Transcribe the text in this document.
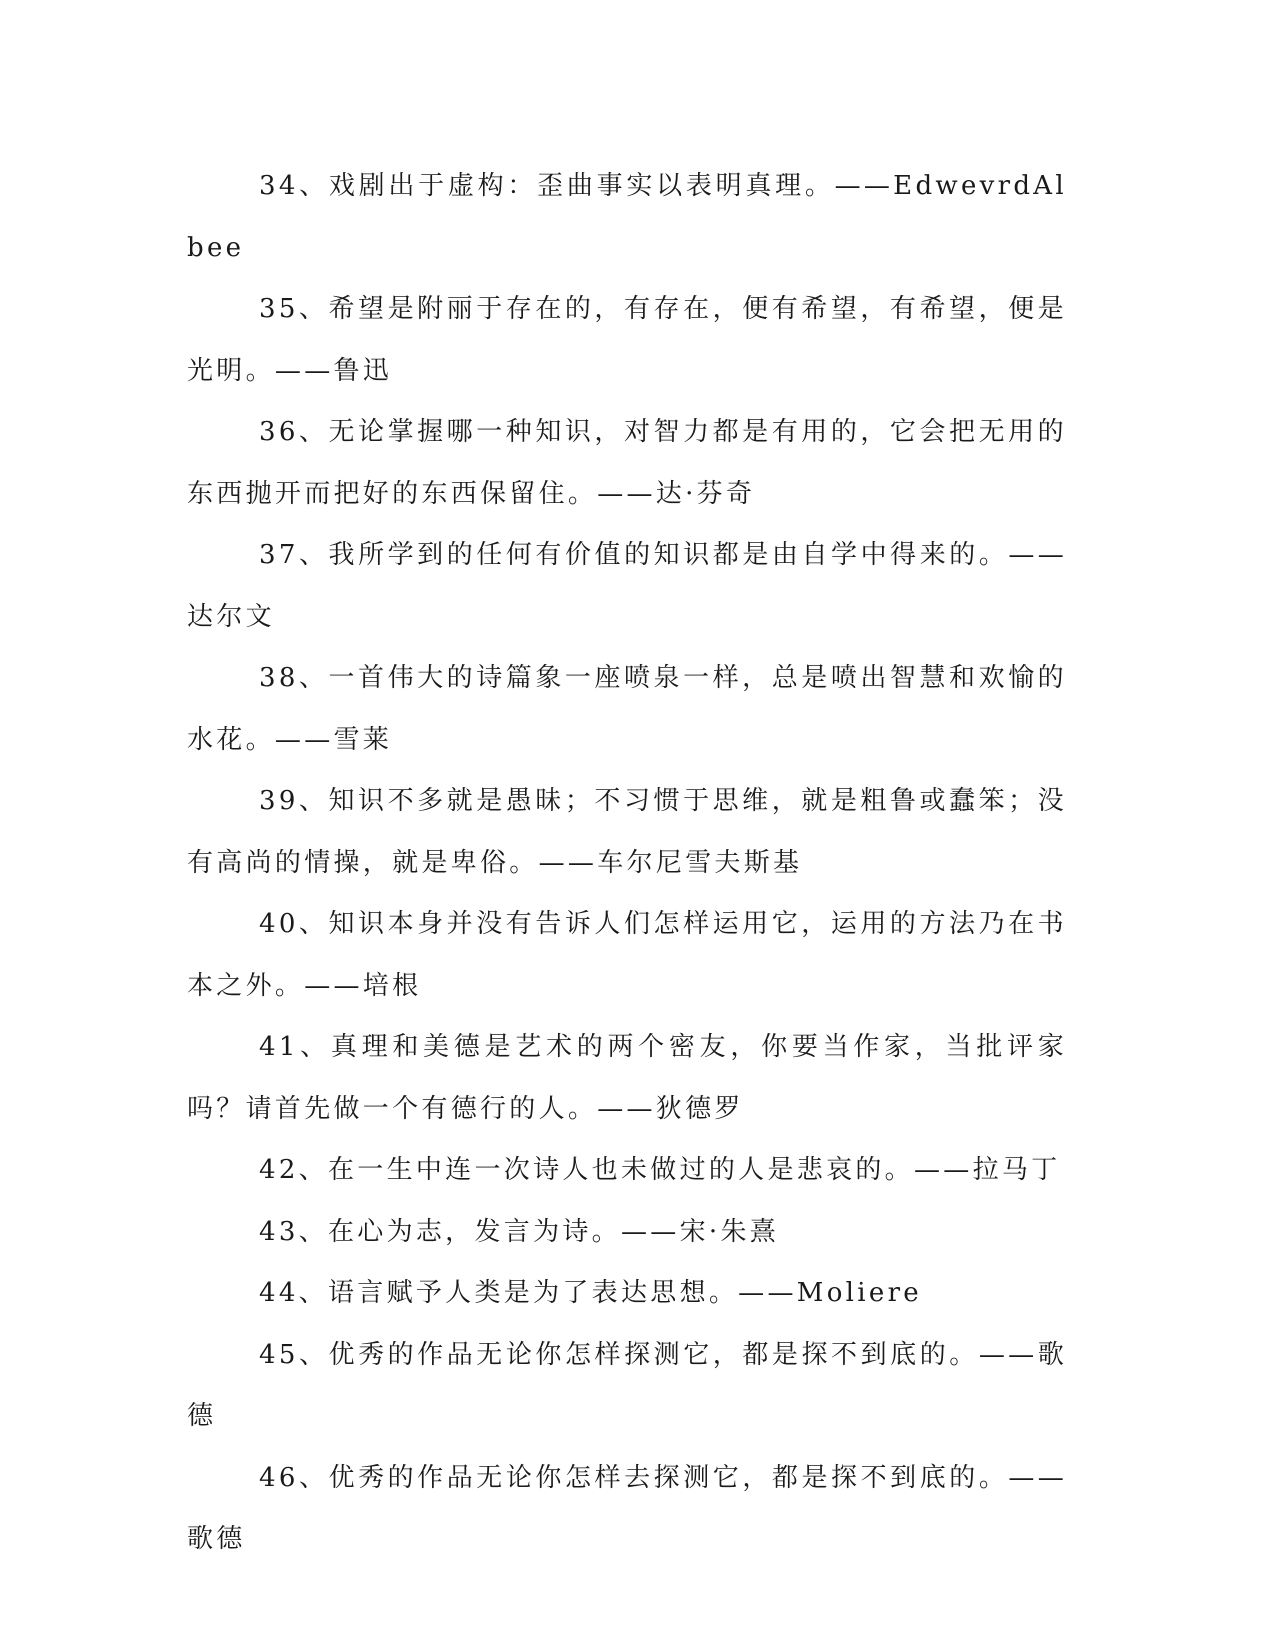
34、戏剧出于虚构：歪曲事实以表明真理。——EdwevrdAlbee

35、希望是附丽于存在的，有存在，便有希望，有希望，便是光明。——鲁迅

36、无论掌握哪一种知识，对智力都是有用的，它会把无用的东西抛开而把好的东西保留住。——达·芬奇

37、我所学到的任何有价值的知识都是由自学中得来的。——达尔文

38、一首伟大的诗篇象一座喷泉一样，总是喷出智慧和欢愉的水花。——雪莱

39、知识不多就是愚昧；不习惯于思维，就是粗鲁或蠢笨；没有高尚的情操，就是卑俗。——车尔尼雪夫斯基

40、知识本身并没有告诉人们怎样运用它，运用的方法乃在书本之外。——培根

41、真理和美德是艺术的两个密友，你要当作家，当批评家吗？请首先做一个有德行的人。——狄德罗

42、在一生中连一次诗人也未做过的人是悲哀的。——拉马丁

43、在心为志，发言为诗。——宋·朱熹

44、语言赋予人类是为了表达思想。——Moliere

45、优秀的作品无论你怎样探测它，都是探不到底的。——歌德

46、优秀的作品无论你怎样去探测它，都是探不到底的。——歌德
